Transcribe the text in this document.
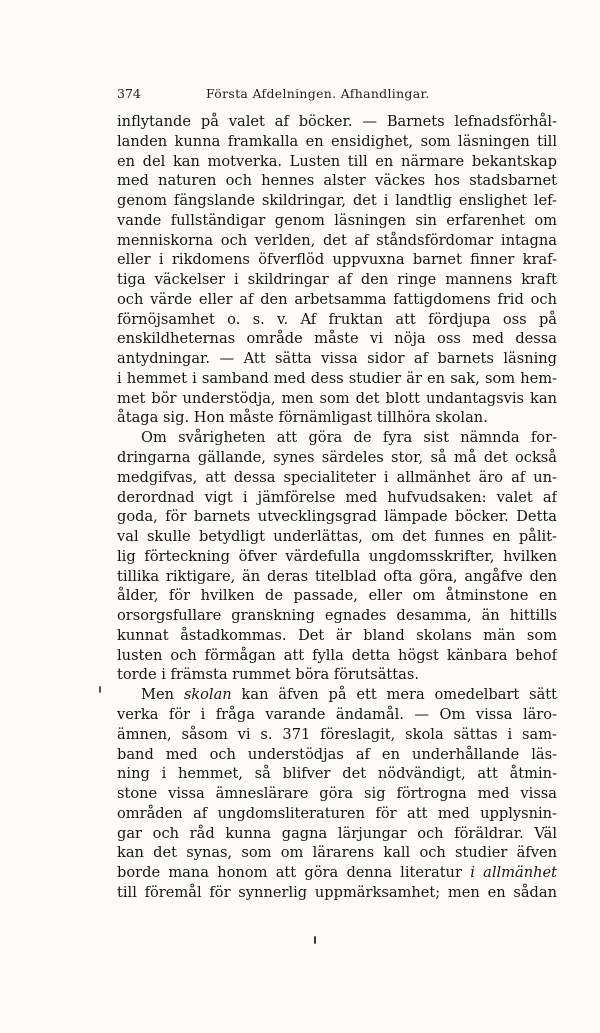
374	Första Afdelningen. Afhandlingar.
inflytande på valet af böcker. — Barnets lefnadsförhål-
landen kunna framkalla en ensidighet, som läsningen till
en del kan motverka. Lusten till en närmare bekantskap
med naturen och hennes alster väckes hos stadsbarnet
genom fängslande skildringar, det i landtlig enslighet lef-
vande fullständigar genom läsningen sin erfarenhet om
menniskorna och verlden, det af ståndsfördomar intagna
eller i rikdomens öfverflöd uppvuxna barnet finner kraf-
tiga väckelser i skildringar af den ringe mannens kraft
och värde eller af den arbetsamma fattigdomens frid och
förnöjsamhet o. s. v. Af fruktan att fördjupa oss på
enskildheternas område måste vi nöja oss med dessa
antydningar. — Att sätta vissa sidor af barnets läsning
i hemmet i samband med dess studier är en sak, som hem-
met bör understödja, men som det blott undantagsvis kan
åtaga sig. Hon måste förnämligast tillhöra skolan.
Om svårigheten att göra de fyra sist nämnda for-
dringarna gällande, synes särdeles stor, så må det också
medgifvas, att dessa specialiteter i allmänhet äro af un-
derordnad vigt i jämförelse med hufvudsaken: valet af
goda, för barnets utvecklingsgrad lämpade böcker. Detta
val skulle betydligt underlättas, om det funnes en pålit-
lig förteckning öfver värdefulla ungdomsskrifter, hvilken
tillika riktigare, än deras titelblad ofta göra, angåfve den
ålder, för hvilken de passade, eller om åtminstone en
orsorgsfullare granskning egnades desamma, än hittills
kunnat åstadkommas. Det är bland skolans män som
lusten och förmågan att fylla detta högst känbara behof
torde i främsta rummet böra förutsättas.
Men skolan kan äfven på ett mera omedelbart sätt
verka för i fråga varande ändamål. — Om vissa läro-
ämnen, såsom vi s. 371 föreslagit, skola sättas i sam-
band med och understödjas af en underhållande läs-
ning i hemmet, så blifver det nödvändigt, att åtmin-
stone vissa ämneslärare göra sig förtrogna med vissa
områden af ungdomsliteraturen för att med upplysnin-
gar och råd kunna gagna lärjungar och föräldrar. Väl
kan det synas, som om lärarens kall och studier äfven
borde mana honom att göra denna literatur i allmänhet
till föremål för synnerlig uppmärksamhet; men en sådan
